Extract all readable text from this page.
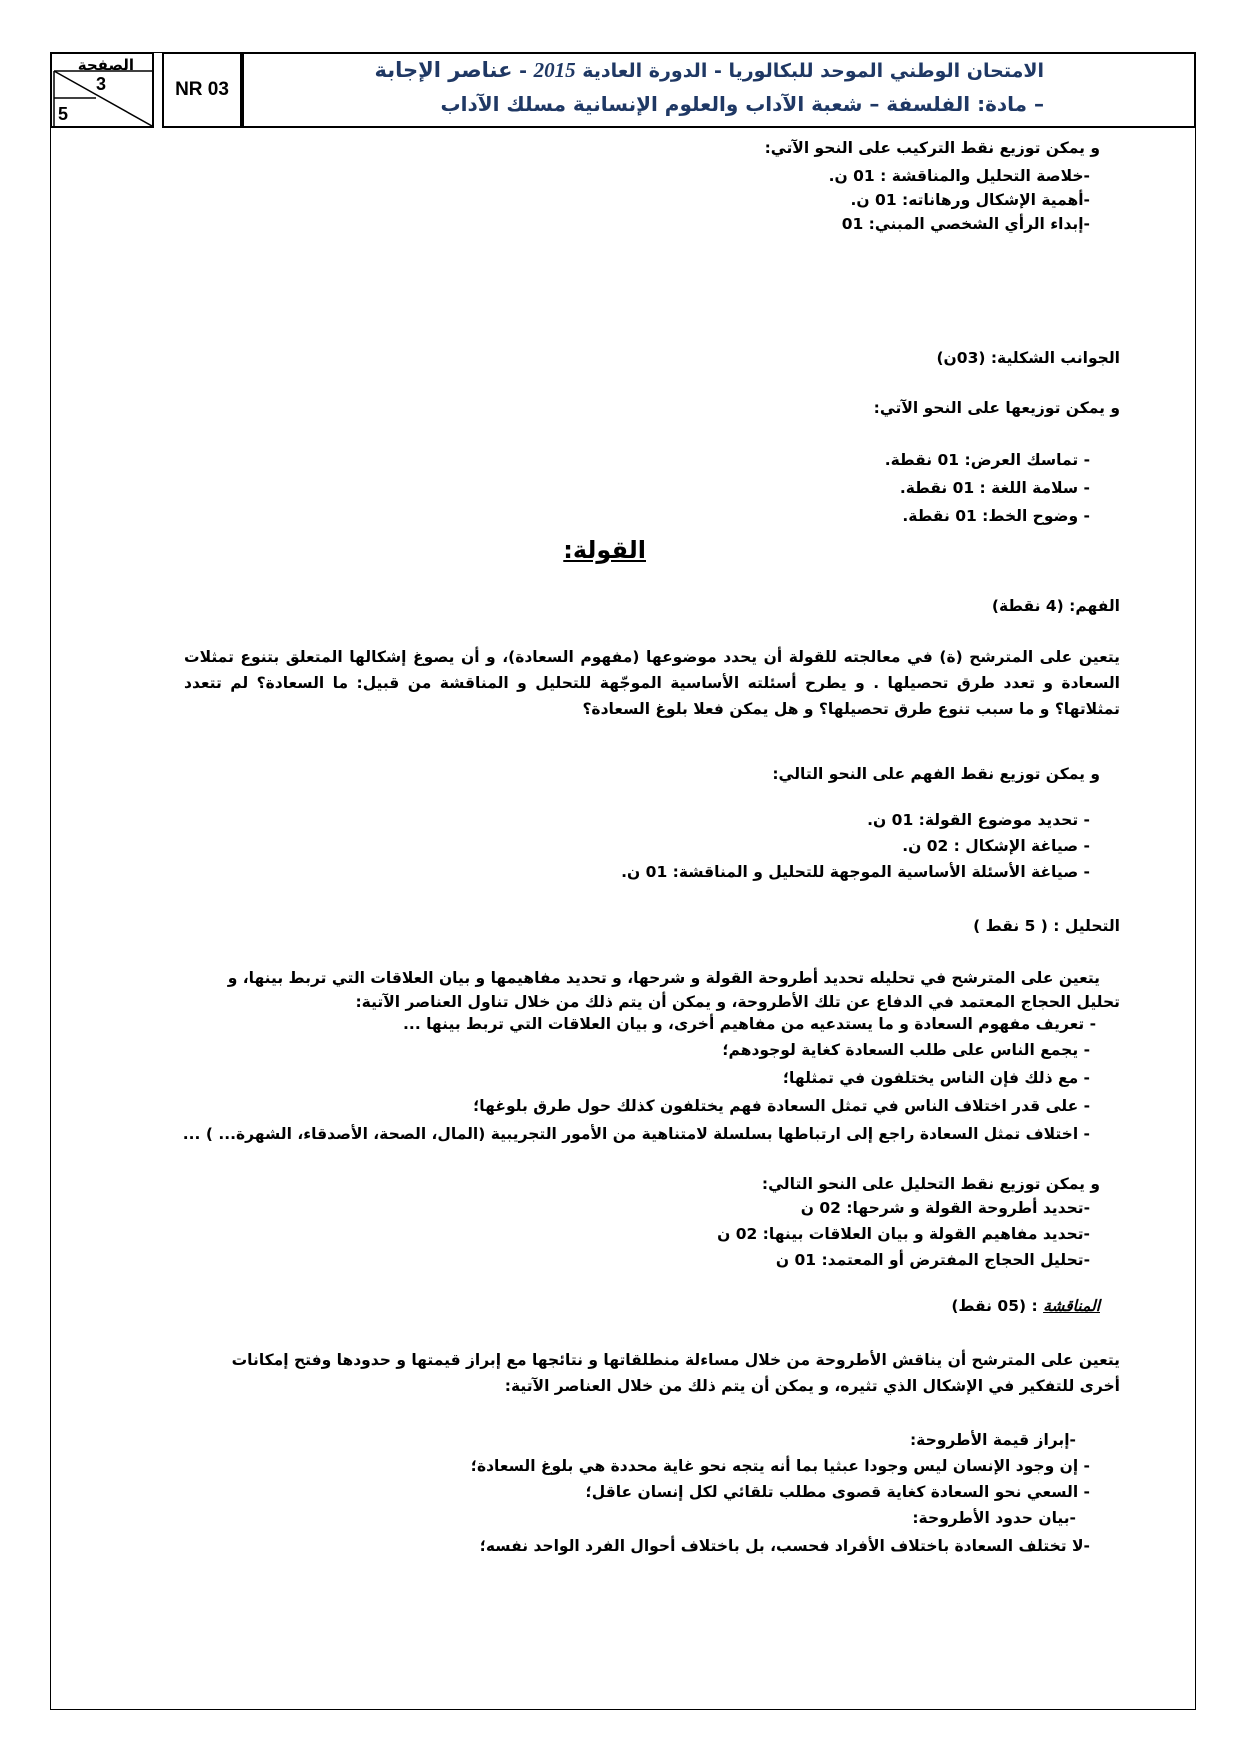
الصفحة
3
5
NR 03
الامتحان الوطني الموحد للبكالوريا - الدورة العادية 2015 - عناصر الإجابة
– مادة: الفلسفة – شعبة الآداب والعلوم الإنسانية مسلك الآداب
و يمكن توزيع نقط التركيب على النحو الآتي:
-خلاصة التحليل والمناقشة : 01 ن.
-أهمية الإشكال ورهاناته: 01 ن.
-إبداء الرأي الشخصي المبني: 01
الجوانب الشكلية: (03ن)
و يمكن توزيعها على النحو الآتي:
- تماسك العرض: 01 نقطة.
- سلامة اللغة : 01 نقطة.
- وضوح الخط: 01 نقطة.
القولة:
الفهم: (4 نقطة)
يتعين على المترشح (ة) في معالجته للقولة أن يحدد موضوعها (مفهوم السعادة)، و أن يصوغ إشكالها المتعلق بتنوع تمثلات السعادة و تعدد طرق تحصيلها . و يطرح أسئلته الأساسية الموجّهة للتحليل و المناقشة من قبيل: ما السعادة؟ لم تتعدد تمثلاتها؟ و ما سبب تنوع طرق تحصيلها؟ و هل يمكن فعلا بلوغ السعادة؟
و يمكن توزيع نقط الفهم على النحو التالي:
- تحديد موضوع القولة: 01 ن.
- صياغة الإشكال : 02 ن.
- صياغة الأسئلة الأساسية الموجهة للتحليل و المناقشة: 01 ن.
التحليل : ( 5 نقط )
يتعين على المترشح في تحليله تحديد أطروحة القولة و شرحها، و تحديد مفاهيمها و بيان العلاقات التي تربط بينها، و
تحليل الحجاج المعتمد في الدفاع عن تلك الأطروحة، و يمكن أن يتم ذلك من خلال تناول العناصر الآتية:
- تعريف مفهوم السعادة و ما يستدعيه من مفاهيم أخرى، و بيان العلاقات التي تربط بينها ...
- يجمع الناس على طلب السعادة كغاية لوجودهم؛
- مع ذلك فإن الناس يختلفون في تمثلها؛
- على قدر اختلاف الناس في تمثل السعادة فهم يختلفون كذلك حول طرق بلوغها؛
- اختلاف تمثل السعادة راجع إلى ارتباطها بسلسلة لامتناهية من الأمور التجريبية (المال، الصحة، الأصدقاء، الشهرة... ) ...
و يمكن توزيع نقط التحليل على النحو التالي:
-تحديد أطروحة القولة و شرحها: 02 ن
-تحديد مفاهيم القولة و بيان العلاقات بينها: 02 ن
-تحليل الحجاج المفترض أو المعتمد: 01 ن
المناقشة : (05 نقط)
يتعين على المترشح أن يناقش الأطروحة من خلال مساءلة منطلقاتها و نتائجها مع إبراز قيمتها و حدودها وفتح إمكانات
أخرى للتفكير في الإشكال الذي تثيره، و يمكن أن يتم ذلك من خلال العناصر الآتية:
-إبراز قيمة الأطروحة:
- إن وجود الإنسان ليس وجودا عبثيا بما أنه يتجه نحو غاية محددة هي بلوغ السعادة؛
- السعي نحو السعادة كغاية قصوى مطلب تلقائي لكل إنسان عاقل؛
-بيان حدود الأطروحة:
-لا تختلف السعادة باختلاف الأفراد فحسب، بل باختلاف أحوال الفرد الواحد نفسه؛
